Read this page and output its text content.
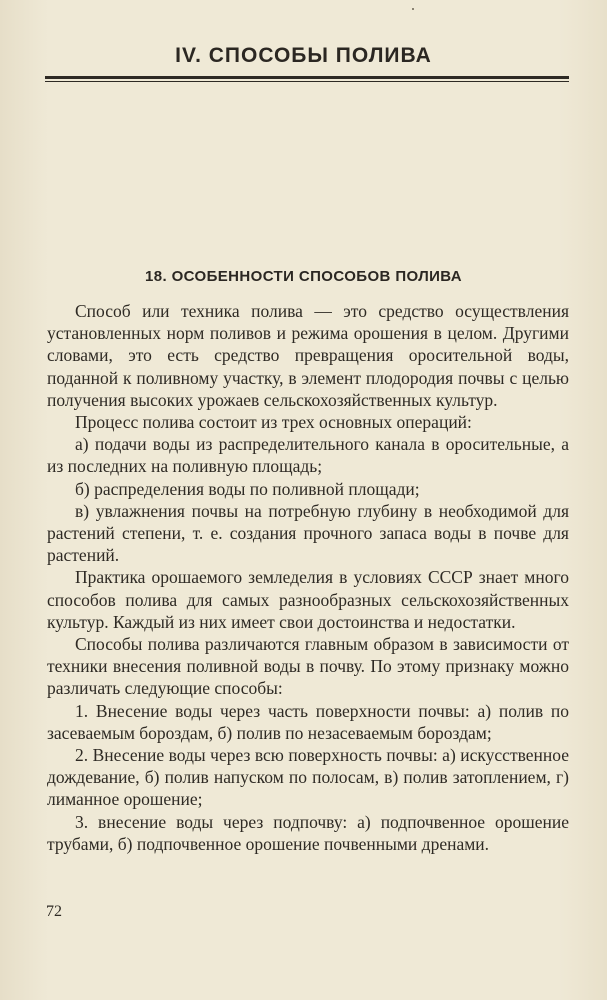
IV. СПОСОБЫ ПОЛИВА
18. ОСОБЕННОСТИ СПОСОБОВ ПОЛИВА

Способ или техника полива — это средство осуществления установленных норм поливов и режима орошения в целом. Другими словами, это есть средство превращения оросительной воды, поданной к поливному участку, в элемент плодородия почвы с целью получения высоких урожаев сельскохозяйственных культур.

Процесс полива состоит из трех основных операций:

а) подачи воды из распределительного канала в оросительные, а из последних на поливную площадь;

б) распределения воды по поливной площади;

в) увлажнения почвы на потребную глубину в необходимой для растений степени, т. е. создания прочного запаса воды в почве для растений.

Практика орошаемого земледелия в условиях СССР знает много способов полива для самых разнообразных сельскохозяйственных культур. Каждый из них имеет свои достоинства и недостатки.

Способы полива различаются главным образом в зависимости от техники внесения поливной воды в почву. По этому признаку можно различать следующие способы:

1. Внесение воды через часть поверхности почвы: а) полив по засеваемым бороздам, б) полив по незасеваемым бороздам;

2. Внесение воды через всю поверхность почвы: а) искусственное дождевание, б) полив напуском по полосам, в) полив затоплением, г) лиманное орошение;

3. внесение воды через подпочву: а) подпочвенное орошение трубами, б) подпочвенное орошение почвенными дренами.

72
